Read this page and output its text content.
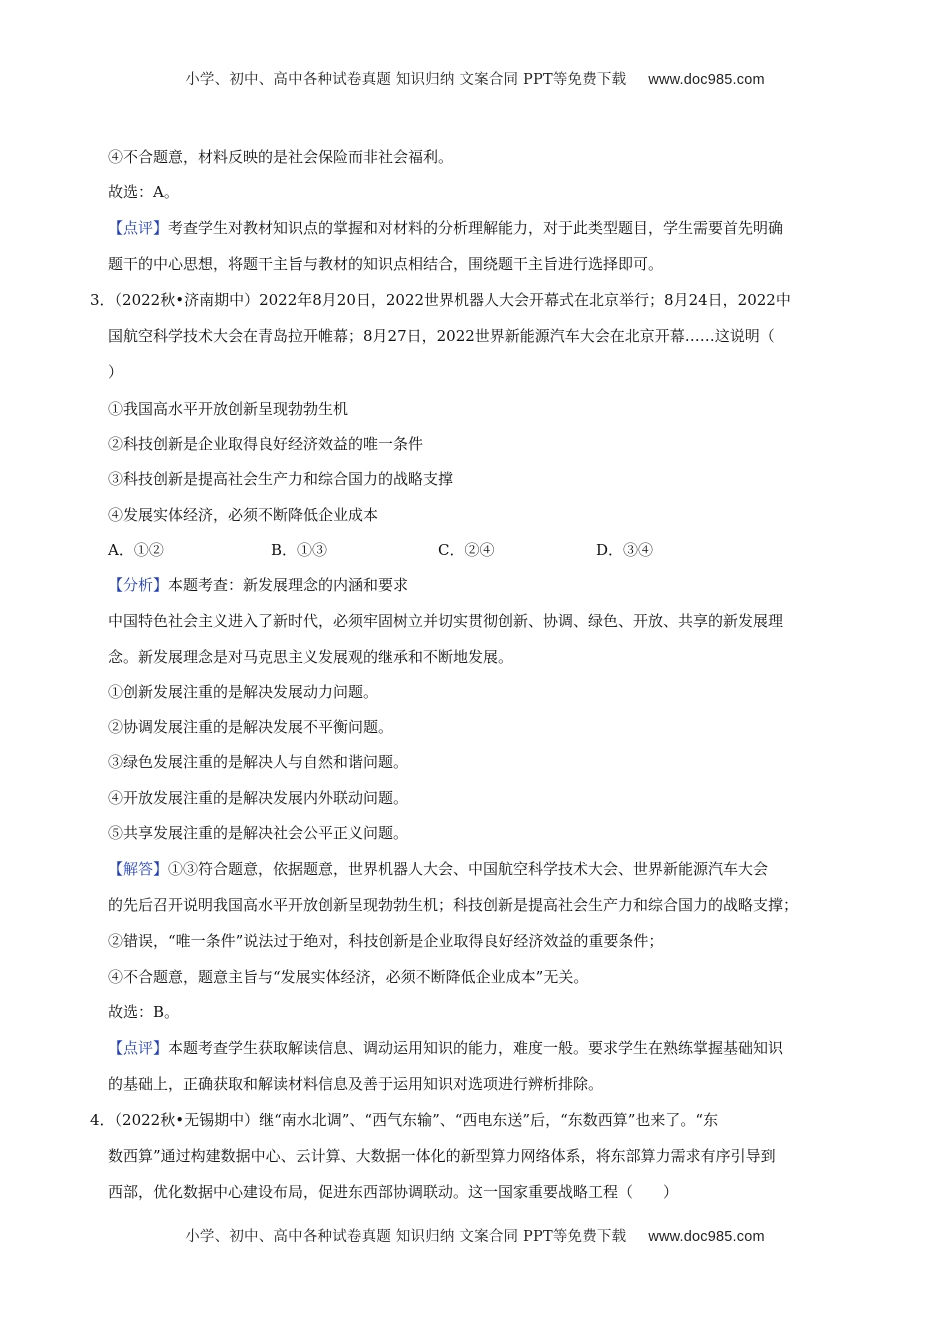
小学、初中、高中各种试卷真题 知识归纳 文案合同 PPT等免费下载 www.doc985.com
④不合题意，材料反映的是社会保险而非社会福利。
故选：A。
【点评】考查学生对教材知识点的掌握和对材料的分析理解能力，对于此类型题目，学生需要首先明确
题干的中心思想，将题干主旨与教材的知识点相结合，围绕题干主旨进行选择即可。
3．（2022秋•济南期中）2022年8月20日，2022世界机器人大会开幕式在北京举行；8月24日，2022中
国航空科学技术大会在青岛拉开帷幕；8月27日，2022世界新能源汽车大会在北京开幕……这说明（
）
①我国高水平开放创新呈现勃勃生机
②科技创新是企业取得良好经济效益的唯一条件
③科技创新是提高社会生产力和综合国力的战略支撑
④发展实体经济，必须不断降低企业成本
A．①②	B．①③	C．②④	D．③④
【分析】本题考查：新发展理念的内涵和要求
中国特色社会主义进入了新时代，必须牢固树立并切实贯彻创新、协调、绿色、开放、共享的新发展理
念。新发展理念是对马克思主义发展观的继承和不断地发展。
①创新发展注重的是解决发展动力问题。
②协调发展注重的是解决发展不平衡问题。
③绿色发展注重的是解决人与自然和谐问题。
④开放发展注重的是解决发展内外联动问题。
⑤共享发展注重的是解决社会公平正义问题。
【解答】①③符合题意，依据题意，世界机器人大会、中国航空科学技术大会、世界新能源汽车大会
的先后召开说明我国高水平开放创新呈现勃勃生机；科技创新是提高社会生产力和综合国力的战略支撑；
②错误，“唯一条件”说法过于绝对，科技创新是企业取得良好经济效益的重要条件；
④不合题意，题意主旨与“发展实体经济，必须不断降低企业成本”无关。
故选：B。
【点评】本题考查学生获取解读信息、调动运用知识的能力，难度一般。要求学生在熟练掌握基础知识
的基础上，正确获取和解读材料信息及善于运用知识对选项进行辨析排除。
4．（2022秋•无锡期中）继“南水北调”、“西气东输”、“西电东送”后，“东数西算”也来了。“东
数西算”通过构建数据中心、云计算、大数据一体化的新型算力网络体系，将东部算力需求有序引导到
西部，优化数据中心建设布局，促进东西部协调联动。这一国家重要战略工程（　　）
小学、初中、高中各种试卷真题 知识归纳 文案合同 PPT等免费下载 www.doc985.com
